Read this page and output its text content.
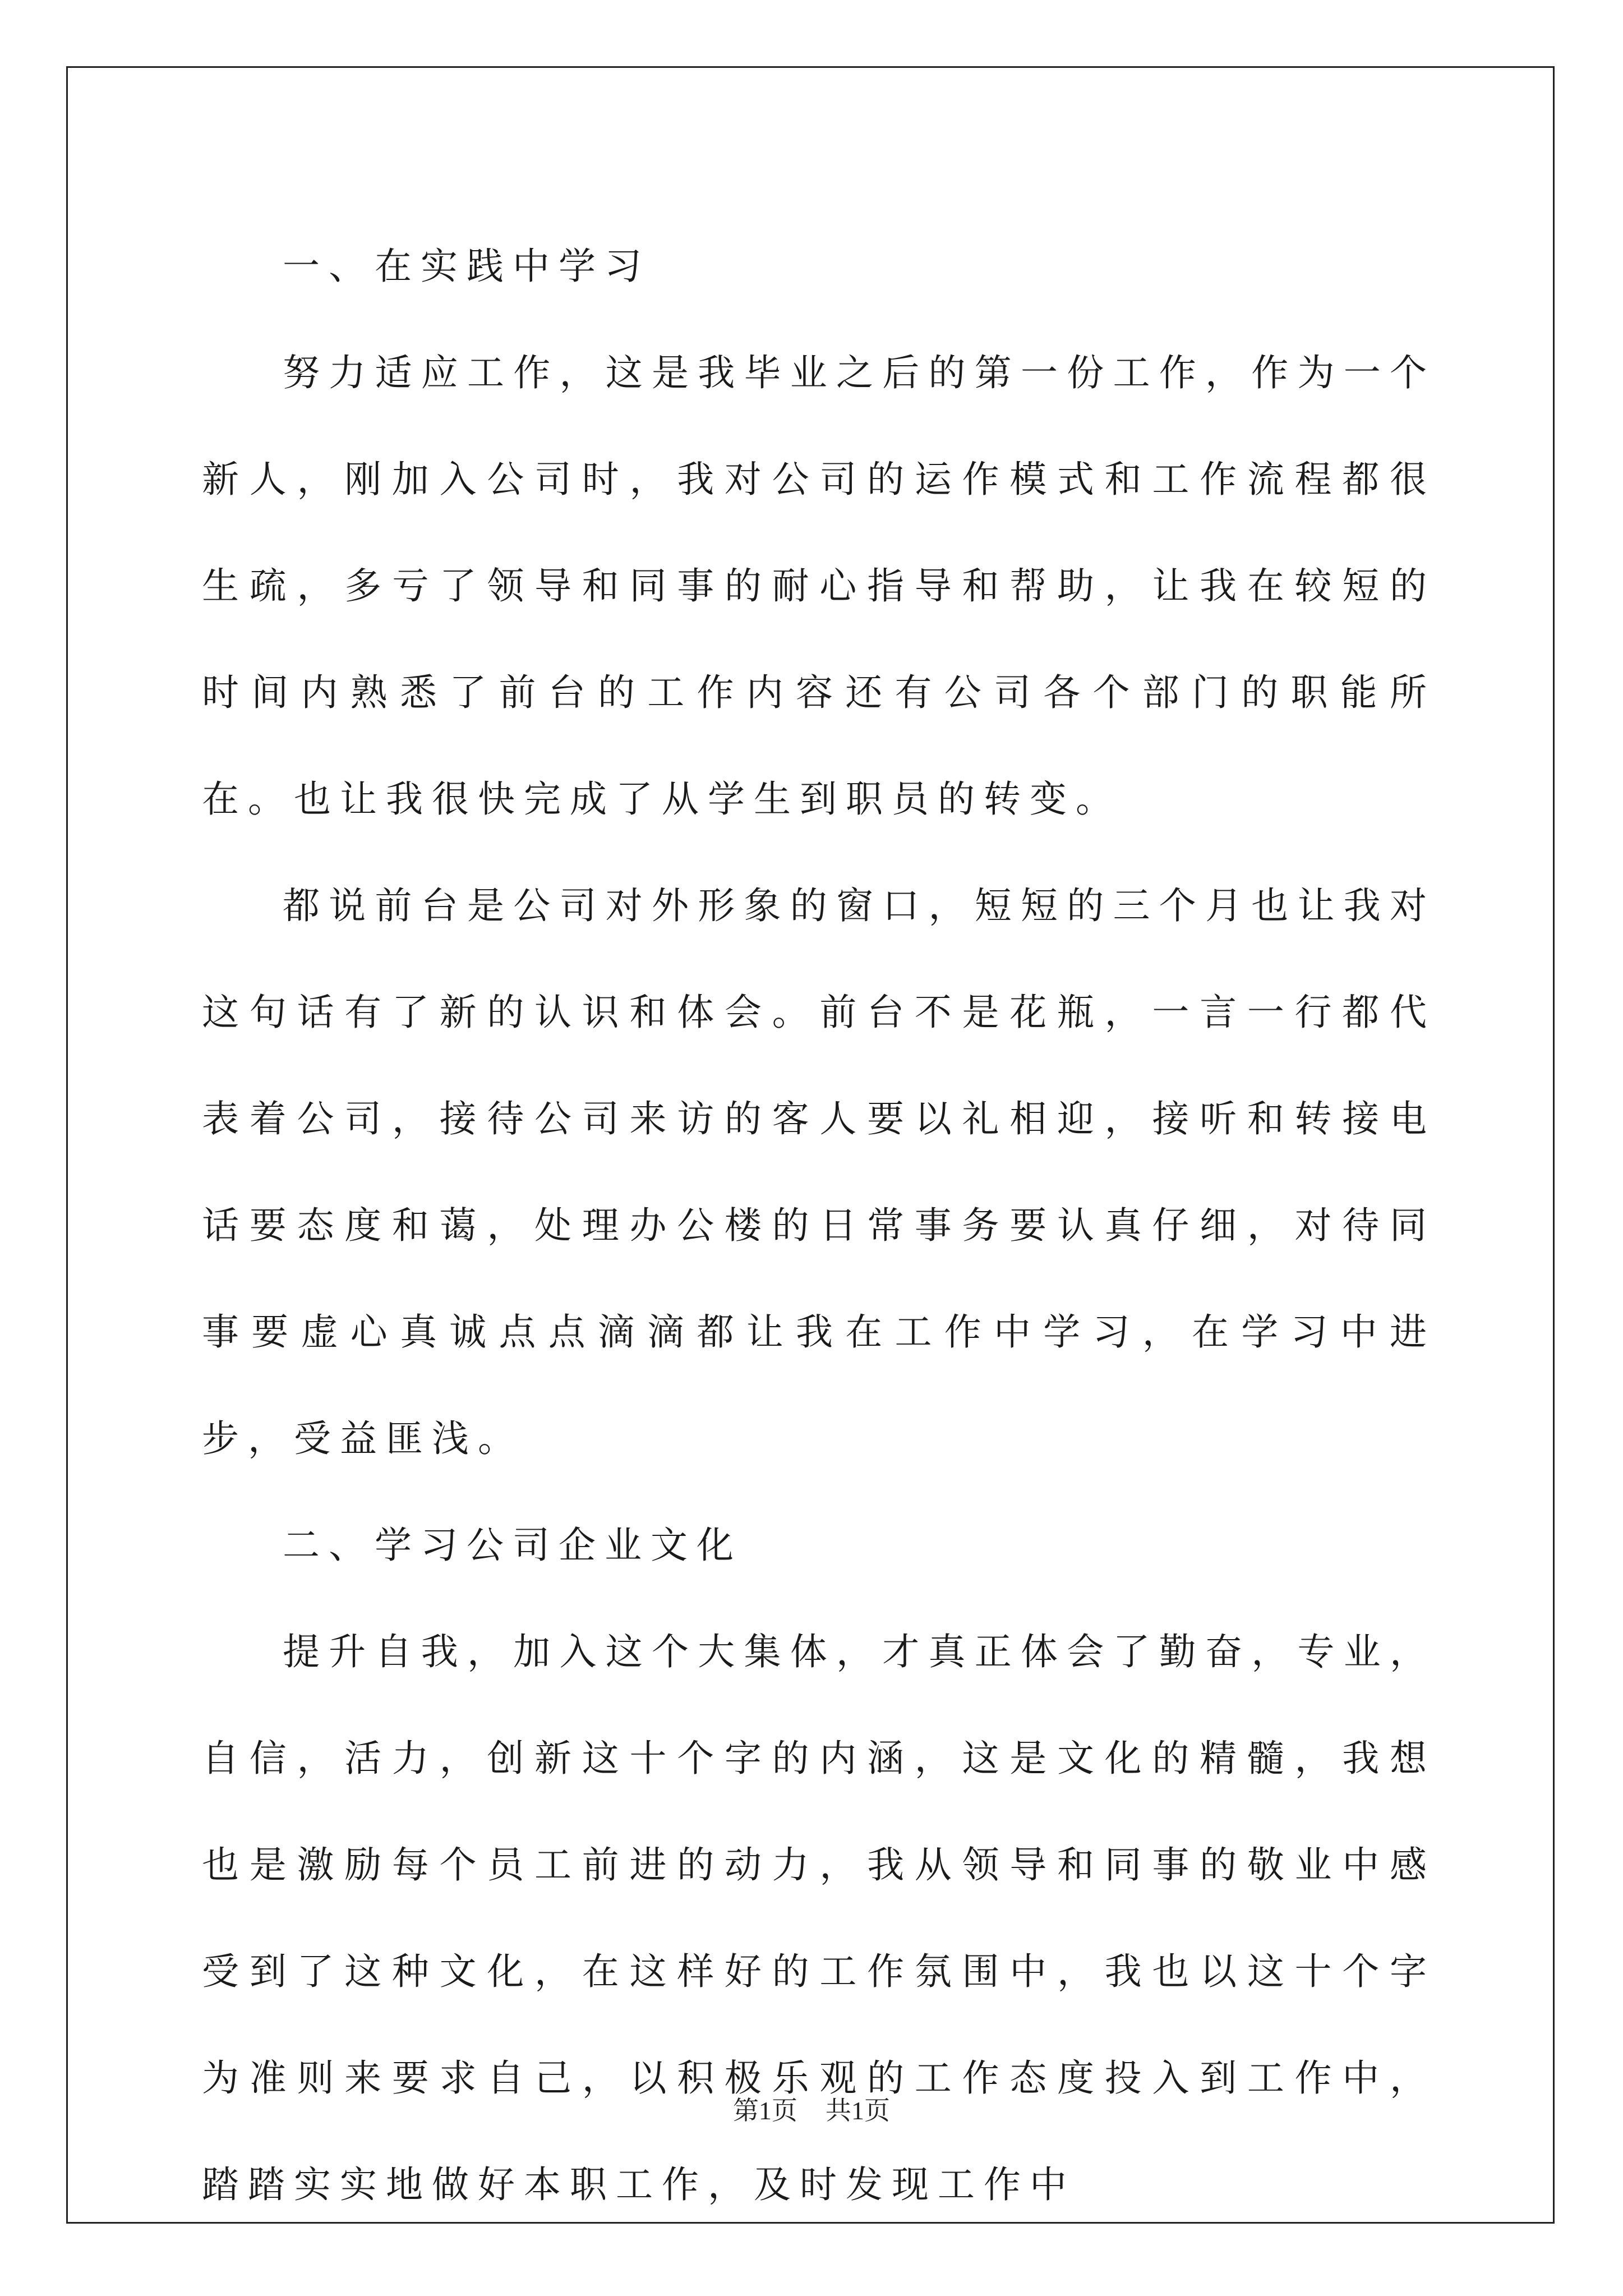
一、在实践中学习

努力适应工作，这是我毕业之后的第一份工作，作为一个新人，刚加入公司时，我对公司的运作模式和工作流程都很生疏，多亏了领导和同事的耐心指导和帮助，让我在较短的时间内熟悉了前台的工作内容还有公司各个部门的职能所在。也让我很快完成了从学生到职员的转变。

都说前台是公司对外形象的窗口，短短的三个月也让我对这句话有了新的认识和体会。前台不是花瓶，一言一行都代表着公司，接待公司来访的客人要以礼相迎，接听和转接电话要态度和蔼，处理办公楼的日常事务要认真仔细，对待同事要虚心真诚点点滴滴都让我在工作中学习，在学习中进步，受益匪浅。

二、学习公司企业文化

提升自我，加入这个大集体，才真正体会了勤奋，专业，自信，活力，创新这十个字的内涵，这是文化的精髓，我想也是激励每个员工前进的动力，我从领导和同事的敬业中感受到了这种文化，在这样好的工作氛围中，我也以这十个字为准则来要求自己，以积极乐观的工作态度投入到工作中，踏踏实实地做好本职工作，及时发现工作中

第1页 共1页
